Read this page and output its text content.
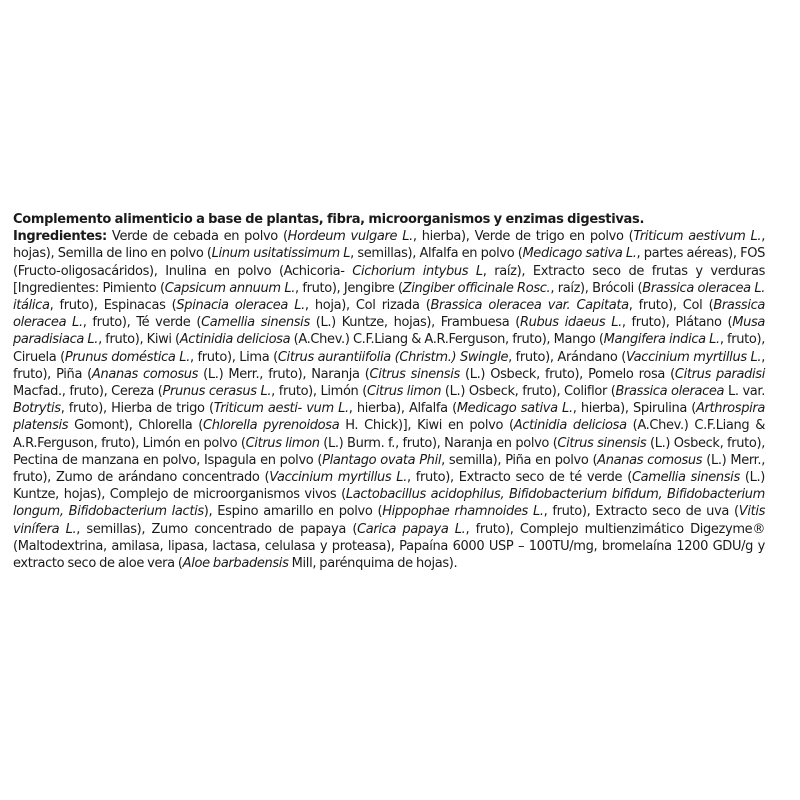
Complemento alimenticio a base de plantas, fibra, microorganismos y enzimas digestivas.

Ingredientes: Verde de cebada en polvo (Hordeum vulgare L., hierba), Verde de trigo en polvo (Triticum aestivum L., hojas), Semilla de lino en polvo (Linum usitatissimum L, semillas), Alfalfa en polvo (Medicago sativa L., partes aéreas), FOS (Fructo-oligosacáridos), Inulina en polvo (Achicoria- Cichorium intybus L, raíz), Extracto seco de frutas y verduras [Ingredientes: Pimiento (Capsicum annuum L., fruto), Jengibre (Zingiber officinale Rosc., raíz), Brócoli (Brassica oleracea L. itálica, fruto), Espinacas (Spinacia oleracea L., hoja), Col rizada (Brassica oleracea var. Capitata, fruto), Col (Brassica oleracea L., fruto), Té verde (Camellia sinensis (L.) Kuntze, hojas), Frambuesa (Rubus idaeus L., fruto), Plátano (Musa paradisiaca L., fruto), Kiwi (Actinidia deliciosa (A.Chev.) C.F.Liang & A.R.Ferguson, fruto), Mango (Mangifera indica L., fruto), Ciruela (Prunus doméstica L., fruto), Lima (Citrus aurantiifolia (Christm.) Swingle, fruto), Arándano (Vaccinium myrtillus L., fruto), Piña (Ananas comosus (L.) Merr., fruto), Naranja (Citrus sinensis (L.) Osbeck, fruto), Pomelo rosa (Citrus paradisi Macfad., fruto), Cereza (Prunus cerasus L., fruto), Limón (Citrus limon (L.) Osbeck, fruto), Coliflor (Brassica oleracea L. var. Botrytis, fruto), Hierba de trigo (Triticum aesti- vum L., hierba), Alfalfa (Medicago sativa L., hierba), Spirulina (Arthrospira platensis Gomont), Chlorella (Chlorella pyrenoidosa H. Chick)], Kiwi en polvo (Actinidia deliciosa (A.Chev.) C.F.Liang & A.R.Ferguson, fruto), Limón en polvo (Citrus limon (L.) Burm. f., fruto), Naranja en polvo (Citrus sinensis (L.) Osbeck, fruto), Pectina de manzana en polvo, Ispagula en polvo (Plantago ovata Phil, semilla), Piña en polvo (Ananas comosus (L.) Merr., fruto), Zumo de arándano concentrado (Vaccinium myrtillus L., fruto), Extracto seco de té verde (Camellia sinensis (L.) Kuntze, hojas), Complejo de microorganismos vivos (Lactobacillus acidophilus, Bifidobacterium bifidum, Bifidobacterium longum, Bifidobacterium lactis), Espino amarillo en polvo (Hippophae rhamnoides L., fruto), Extracto seco de uva (Vitis vinífera L., semillas), Zumo concentrado de papaya (Carica papaya L., fruto), Complejo multienzimático Digezyme® (Maltodextrina, amilasa, lipasa, lactasa, celulasa y proteasa), Papaína 6000 USP – 100TU/mg, bromelaína 1200 GDU/g y extracto seco de aloe vera (Aloe barbadensis Mill, parénquima de hojas).
